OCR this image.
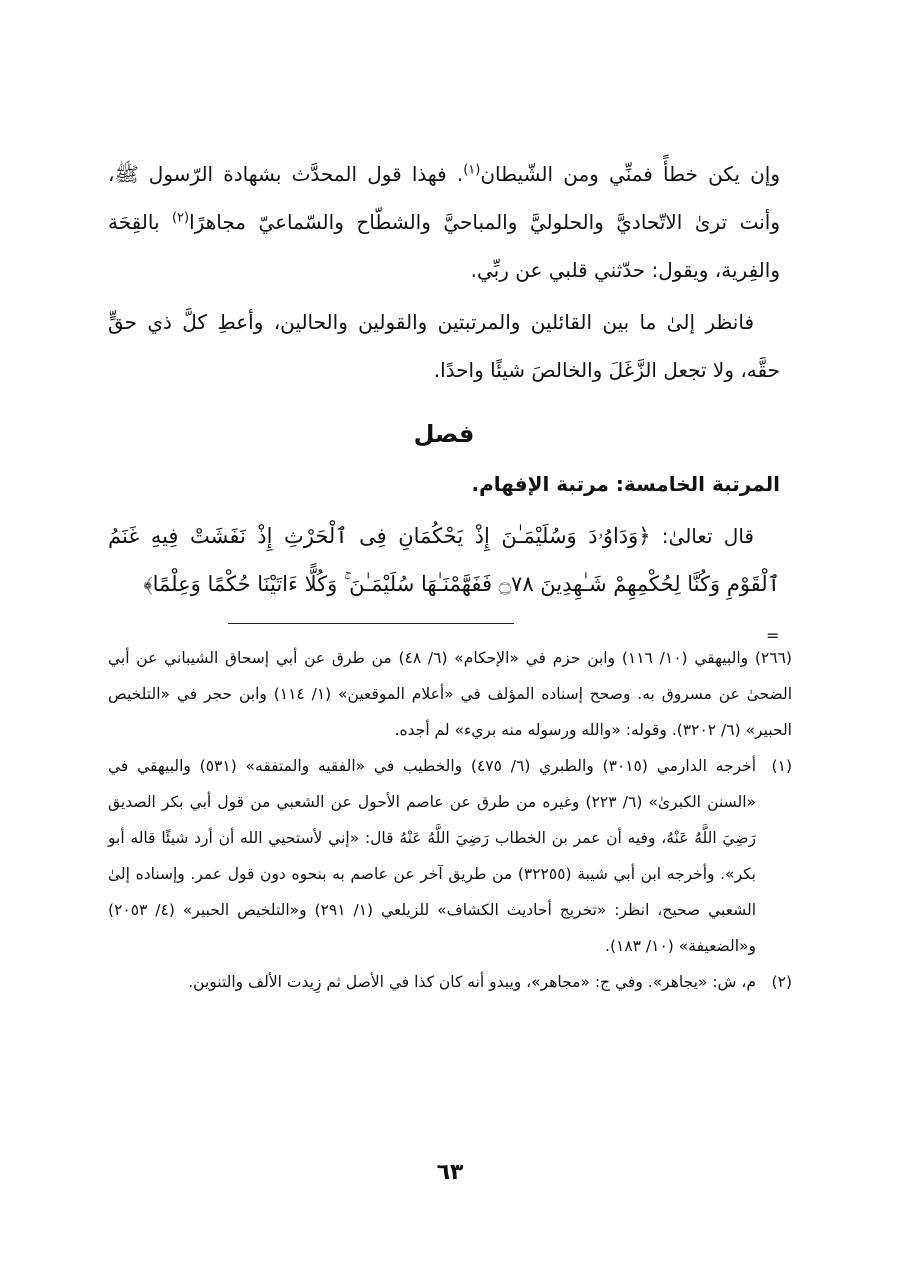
وإن يكن خطأً فمنِّي ومن الشّيطان$^{(١)}$. فهذا قول المحدَّث بشهادة الرّسول ﷺ، وأنت ترىٰ الاتّحاديَّ والحلوليَّ والمباحيَّ والشطّاح والسّماعيّ مجاهرًا$^{(٢)}$ بالقِحَة والفِرية، ويقول: حدّثني قلبي عن ربِّي.

فانظر إلىٰ ما بين القائلين والمرتبتين والقولين والحالين، وأعطِ كلَّ ذي حقٍّ حقَّه، ولا تجعل الزَّغَلَ والخالصَ شيئًا واحدًا.

فصل

المرتبة الخامسة: مرتبة الإفهام.

قال تعالىٰ: ﴿وَدَاوُۥدَ وَسُلَيْمَـٰنَ إِذْ يَحْكُمَانِ فِى ٱلْحَرْثِ إِذْ نَفَشَتْ فِيهِ غَنَمُ ٱلْقَوْمِ وَكُنَّا لِحُكْمِهِمْ شَـٰهِدِينَ ۝٧٨ فَفَهَّمْنَـٰهَا سُلَيْمَـٰنَ ۚ وَكُلًّا ءَاتَيْنَا حُكْمًا وَعِلْمًا﴾

=

(٢٦٦) والبيهقي (١٠/ ١١٦) وابن حزم في «الإحكام» (٦/ ٤٨) من طرق عن أبي إسحاق الشيباني عن أبي الضحىٰ عن مسروق به. وصحح إسناده المؤلف في «أعلام الموقعين» (١/ ١١٤) وابن حجر في «التلخيص الحبير» (٦/ ٣٢٠٢). وقوله: «والله ورسوله منه بريء» لم أجده.

(١)
أخرجه الدارمي (٣٠١٥) والطبري (٦/ ٤٧٥) والخطيب في «الفقيه والمتفقه» (٥٣١) والبيهقي في «السنن الكبرىٰ» (٦/ ٢٢٣) وغيره من طرق عن عاصم الأحول عن الشعبي من قول أبي بكر الصديق رَضِيَ اللَّهُ عَنْهُ، وفيه أن عمر بن الخطاب رَضِيَ اللَّهُ عَنْهُ قال: «إني لأستحيي الله أن أرد شيئًا قاله أبو بكر». وأخرجه ابن أبي شيبة (٣٢٢٥٥) من طريق آخر عن عاصم به بنحوه دون قول عمر. وإسناده إلىٰ الشعبي صحيح، انظر: «تخريج أحاديث الكشاف» للزيلعي (١/ ٢٩١) و«التلخيص الحبير» (٤/ ٢٠٥٣) و«الضعيفة» (١٠/ ١٨٣).
(٢)
م، ش: «يجاهر». وفي ج: «مجاهر»، ويبدو أنه كان كذا في الأصل ثم زِيدت الألف والتنوين.
٦٣
